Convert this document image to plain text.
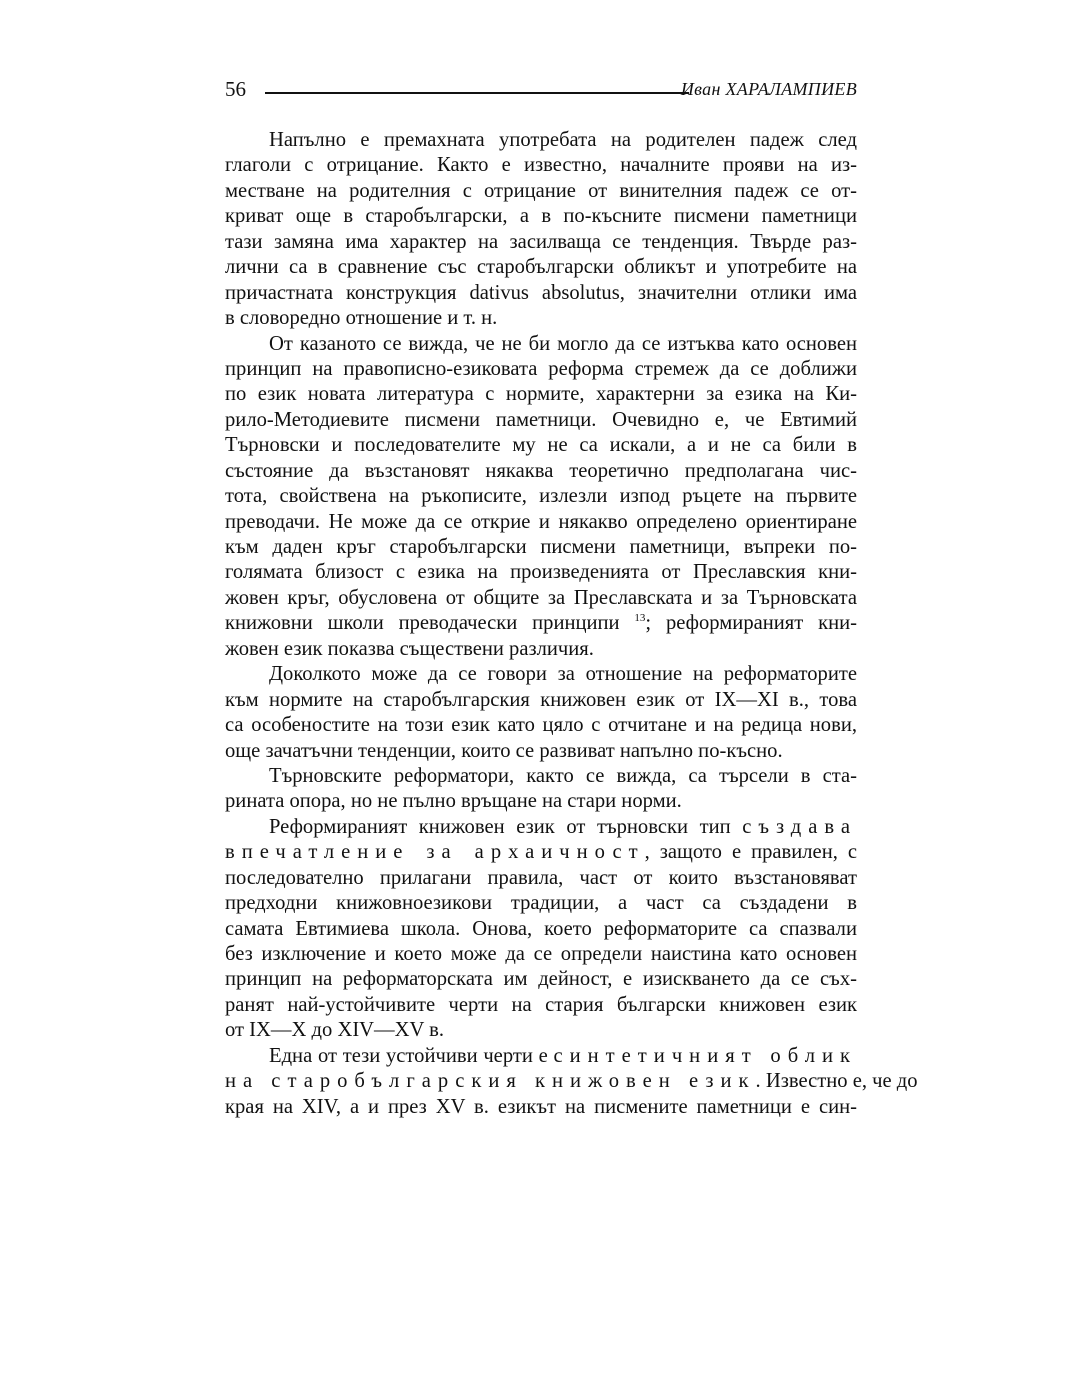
56	Иван ХАРАЛАМПИЕВ
Напълно е премахната употребата на родителен падеж след
глаголи с отрицание. Както е известно, началните прояви на из-
местване на родителния с отрицание от винителния падеж се от-
криват още в старобългарски, а в по-късните писмени паметници
тази замяна има характер на засилваща се тенденция. Твърде раз-
лични са в сравнение със старобългарски обликът и употребите на
причастната конструкция dativus absolutus, значителни отлики има
в словоредно отношение и т. н.
От казаното се вижда, че не би могло да се изтъква като основен
принцип на правописно-езиковата реформа стремеж да се доближи
по език новата литература с нормите, характерни за езика на Ки-
рило-Методиевите писмени паметници. Очевидно е, че Евтимий
Търновски и последователите му не са искали, а и не са били в
състояние да възстановят някаква теоретично предполагана чис-
тота, свойствена на ръкописите, излезли изпод ръцете на първите
преводачи. Не може да се открие и някакво определено ориентиране
към даден кръг старобългарски писмени паметници, въпреки по-
голямата близост с езика на произведенията от Преславския кни-
жовен кръг, обусловена от общите за Преславската и за Търновската
книжовни школи преводачески принципи $^{13}$; реформираният кни-
жовен език показва съществени различия.
Доколкото може да се говори за отношение на реформаторите
към нормите на старобългарския книжовен език от IX—XI в., това
са особеностите на този език като цяло с отчитане и на редица нови,
още зачатъчни тенденции, които се развиват напълно по-късно.
Търновските реформатори, както се вижда, са търсели в ста-
рината опора, но не пълно връщане на стари норми.
Реформираният книжовен език от търновски тип създава
впечатление за архаичност, защото е правилен, с
последователно прилагани правила, част от които възстановяват
предходни книжовноезикови традиции, а част са създадени в
самата Евтимиева школа. Онова, което реформаторите са спазвали
без изключение и което може да се определи наистина като основен
принцип на реформаторската им дейност, е изискването да се съх-
ранят най-устойчивите черти на стария български книжовен език
от IX—X до XIV—XV в.
Една от тези устойчиви черти е синтетичният облик
на старобългарския книжовен език. Известно е, че до
края на XIV, а и през XV в. езикът на писмените паметници е син-
